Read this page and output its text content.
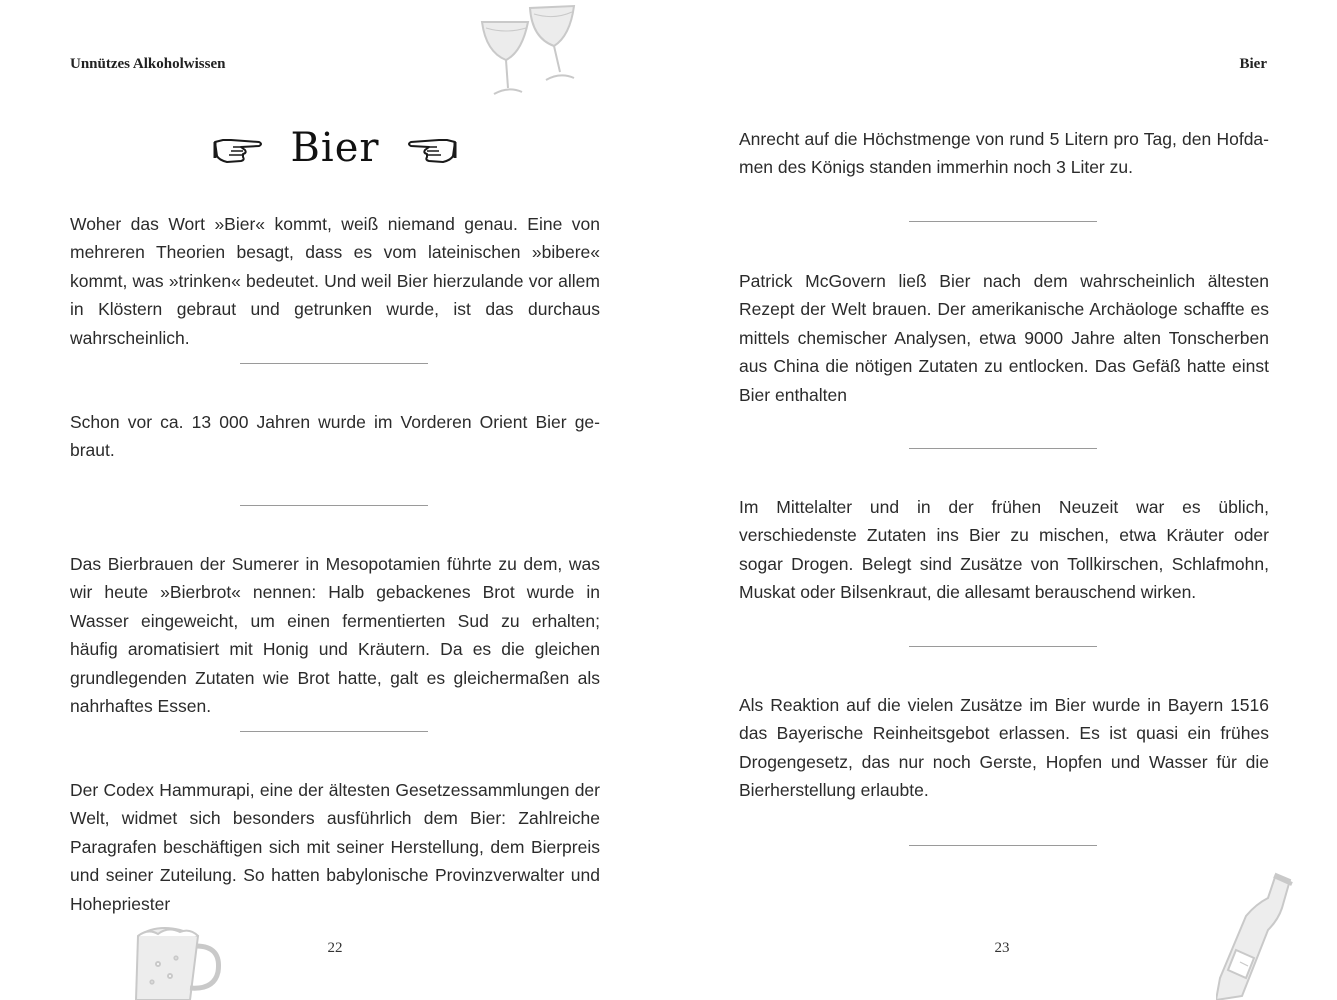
Unnützes Alkoholwissen
Bier

Woher das Wort »Bier« kommt, weiß niemand genau. Eine von mehreren Theorien besagt, dass es vom lateinischen »bibere« kommt, was »trinken« bedeutet. Und weil Bier hierzulande vor allem in Klöstern gebraut und getrunken wurde, ist das durchaus wahrscheinlich.

Schon vor ca. 13 000 Jahren wurde im Vorderen Orient Bier gebraut.

Das Bierbrauen der Sumerer in Mesopotamien führte zu dem, was wir heute »Bierbrot« nennen: Halb gebackenes Brot wurde in Wasser eingeweicht, um einen fermentierten Sud zu erhalten; häufig aromatisiert mit Honig und Kräutern. Da es die gleichen grundlegenden Zutaten wie Brot hatte, galt es gleichermaßen als nahrhaftes Essen.

Der Codex Hammurapi, eine der ältesten Gesetzessammlungen der Welt, widmet sich besonders ausführlich dem Bier: Zahlreiche Paragrafen beschäftigen sich mit seiner Herstellung, dem Bierpreis und seiner Zuteilung. So hatten babylonische Provinzverwalter und Hohepriester

22
Bier

Anrecht auf die Höchstmenge von rund 5 Litern pro Tag, den Hofdamen des Königs standen immerhin noch 3 Liter zu.

Patrick McGovern ließ Bier nach dem wahrscheinlich ältesten Rezept der Welt brauen. Der amerikanische Archäologe schaffte es mittels chemischer Analysen, etwa 9000 Jahre alten Tonscherben aus China die nötigen Zutaten zu entlocken. Das Gefäß hatte einst Bier enthalten

Im Mittelalter und in der frühen Neuzeit war es üblich, verschiedenste Zutaten ins Bier zu mischen, etwa Kräuter oder sogar Drogen. Belegt sind Zusätze von Tollkirschen, Schlafmohn, Muskat oder Bilsenkraut, die allesamt berauschend wirken.

Als Reaktion auf die vielen Zusätze im Bier wurde in Bayern 1516 das Bayerische Reinheitsgebot erlassen. Es ist quasi ein frühes Drogengesetz, das nur noch Gerste, Hopfen und Wasser für die Bierherstellung erlaubte.

23
